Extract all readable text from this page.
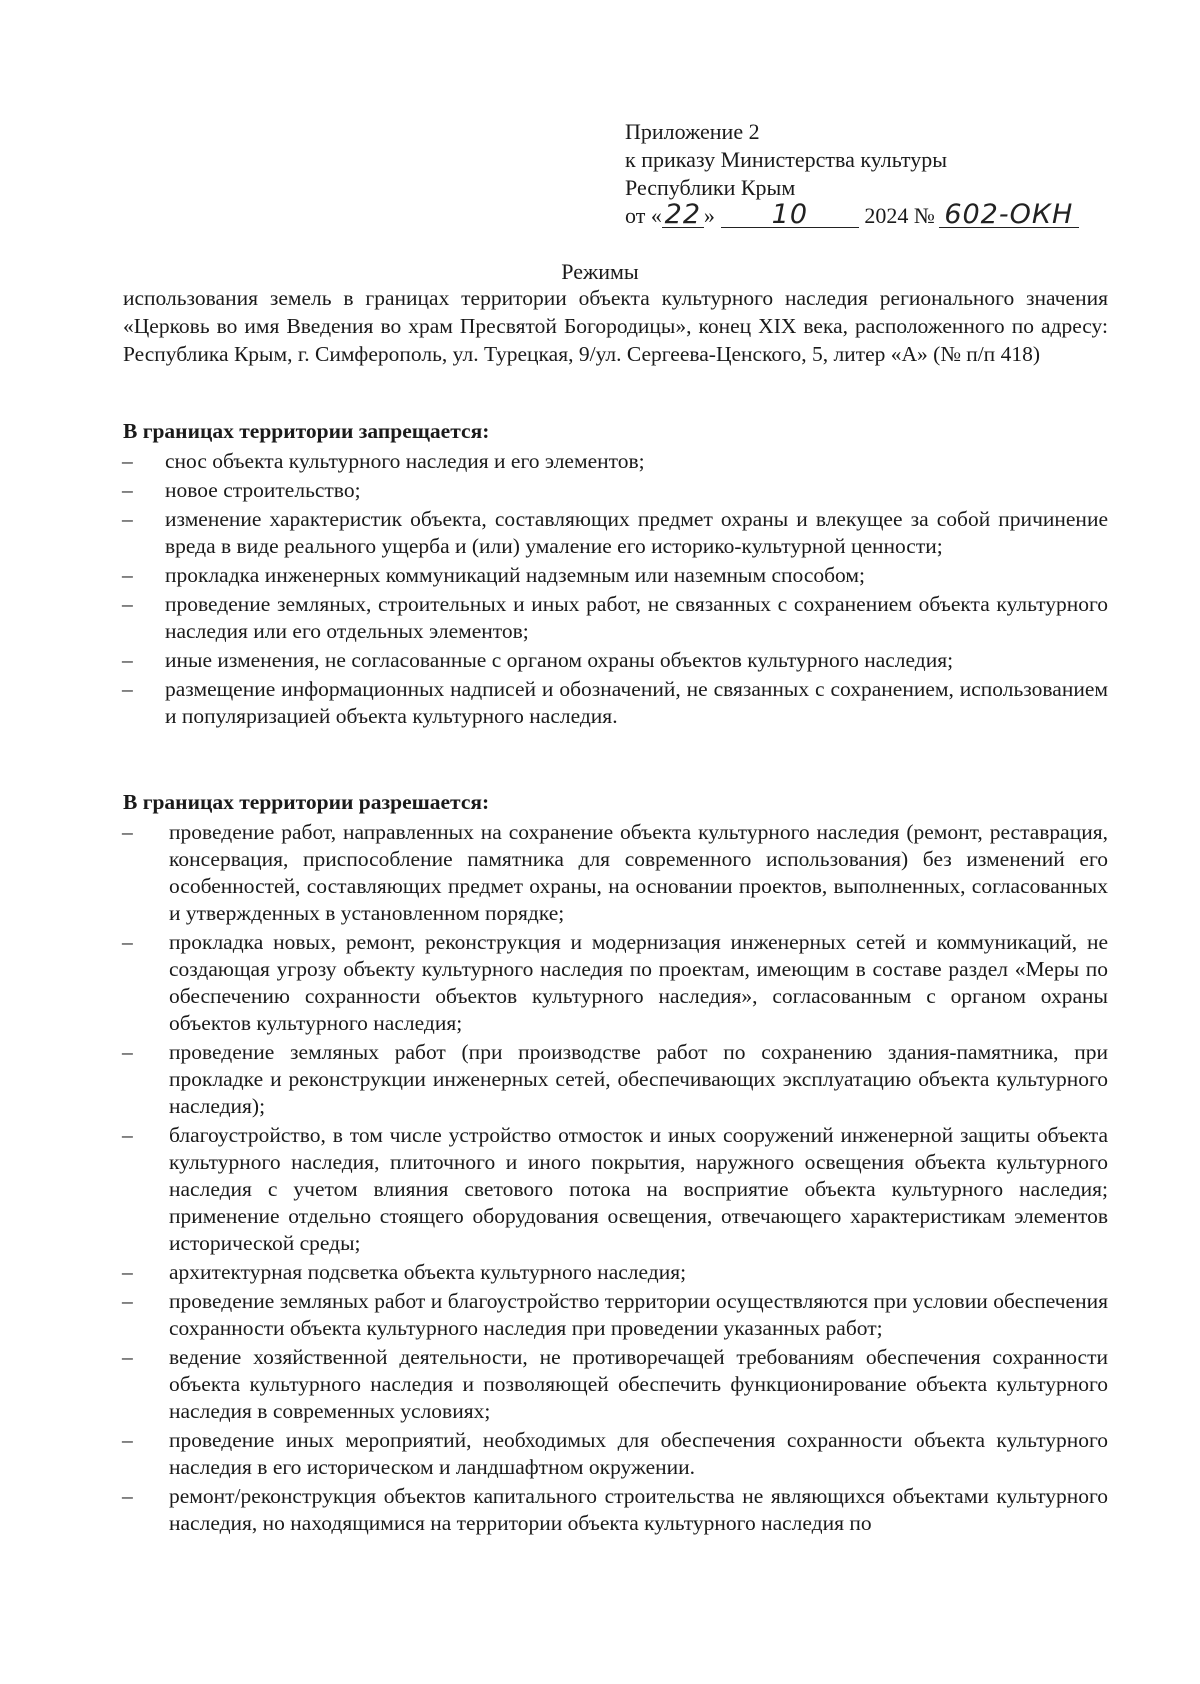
Приложение 2
к приказу Министерства культуры
Республики Крым
от « 22 » 10	2024 № 602-ОКН
Режимы
использования земель в границах территории объекта культурного наследия регионального значения «Церковь во имя Введения во храм Пресвятой Богородицы», конец XIX века, расположенного по адресу: Республика Крым, г. Симферополь, ул. Турецкая, 9/ул. Сергеева-Ценского, 5, литер «А» (№ п/п 418)
В границах территории запрещается:
– снос объекта культурного наследия и его элементов;
– новое строительство;
– изменение характеристик объекта, составляющих предмет охраны и влекущее за собой причинение вреда в виде реального ущерба и (или) умаление его историко-культурной ценности;
– прокладка инженерных коммуникаций надземным или наземным способом;
– проведение земляных, строительных и иных работ, не связанных с сохранением объекта культурного наследия или его отдельных элементов;
– иные изменения, не согласованные с органом охраны объектов культурного наследия;
– размещение информационных надписей и обозначений, не связанных с сохранением, использованием и популяризацией объекта культурного наследия.
В границах территории разрешается:
– проведение работ, направленных на сохранение объекта культурного наследия (ремонт, реставрация, консервация, приспособление памятника для современного использования) без изменений его особенностей, составляющих предмет охраны, на основании проектов, выполненных, согласованных и утвержденных в установленном порядке;
– прокладка новых, ремонт, реконструкция и модернизация инженерных сетей и коммуникаций, не создающая угрозу объекту культурного наследия по проектам, имеющим в составе раздел «Меры по обеспечению сохранности объектов культурного наследия», согласованным с органом охраны объектов культурного наследия;
– проведение земляных работ (при производстве работ по сохранению здания-памятника, при прокладке и реконструкции инженерных сетей, обеспечивающих эксплуатацию объекта культурного наследия);
– благоустройство, в том числе устройство отмосток и иных сооружений инженерной защиты объекта культурного наследия, плиточного и иного покрытия, наружного освещения объекта культурного наследия с учетом влияния светового потока на восприятие объекта культурного наследия; применение отдельно стоящего оборудования освещения, отвечающего характеристикам элементов исторической среды;
– архитектурная подсветка объекта культурного наследия;
– проведение земляных работ и благоустройство территории осуществляются при условии обеспечения сохранности объекта культурного наследия при проведении указанных работ;
– ведение хозяйственной деятельности, не противоречащей требованиям обеспечения сохранности объекта культурного наследия и позволяющей обеспечить функционирование объекта культурного наследия в современных условиях;
– проведение иных мероприятий, необходимых для обеспечения сохранности объекта культурного наследия в его историческом и ландшафтном окружении.
– ремонт/реконструкция объектов капитального строительства не являющихся объектами культурного наследия, но находящимися на территории объекта культурного наследия по
